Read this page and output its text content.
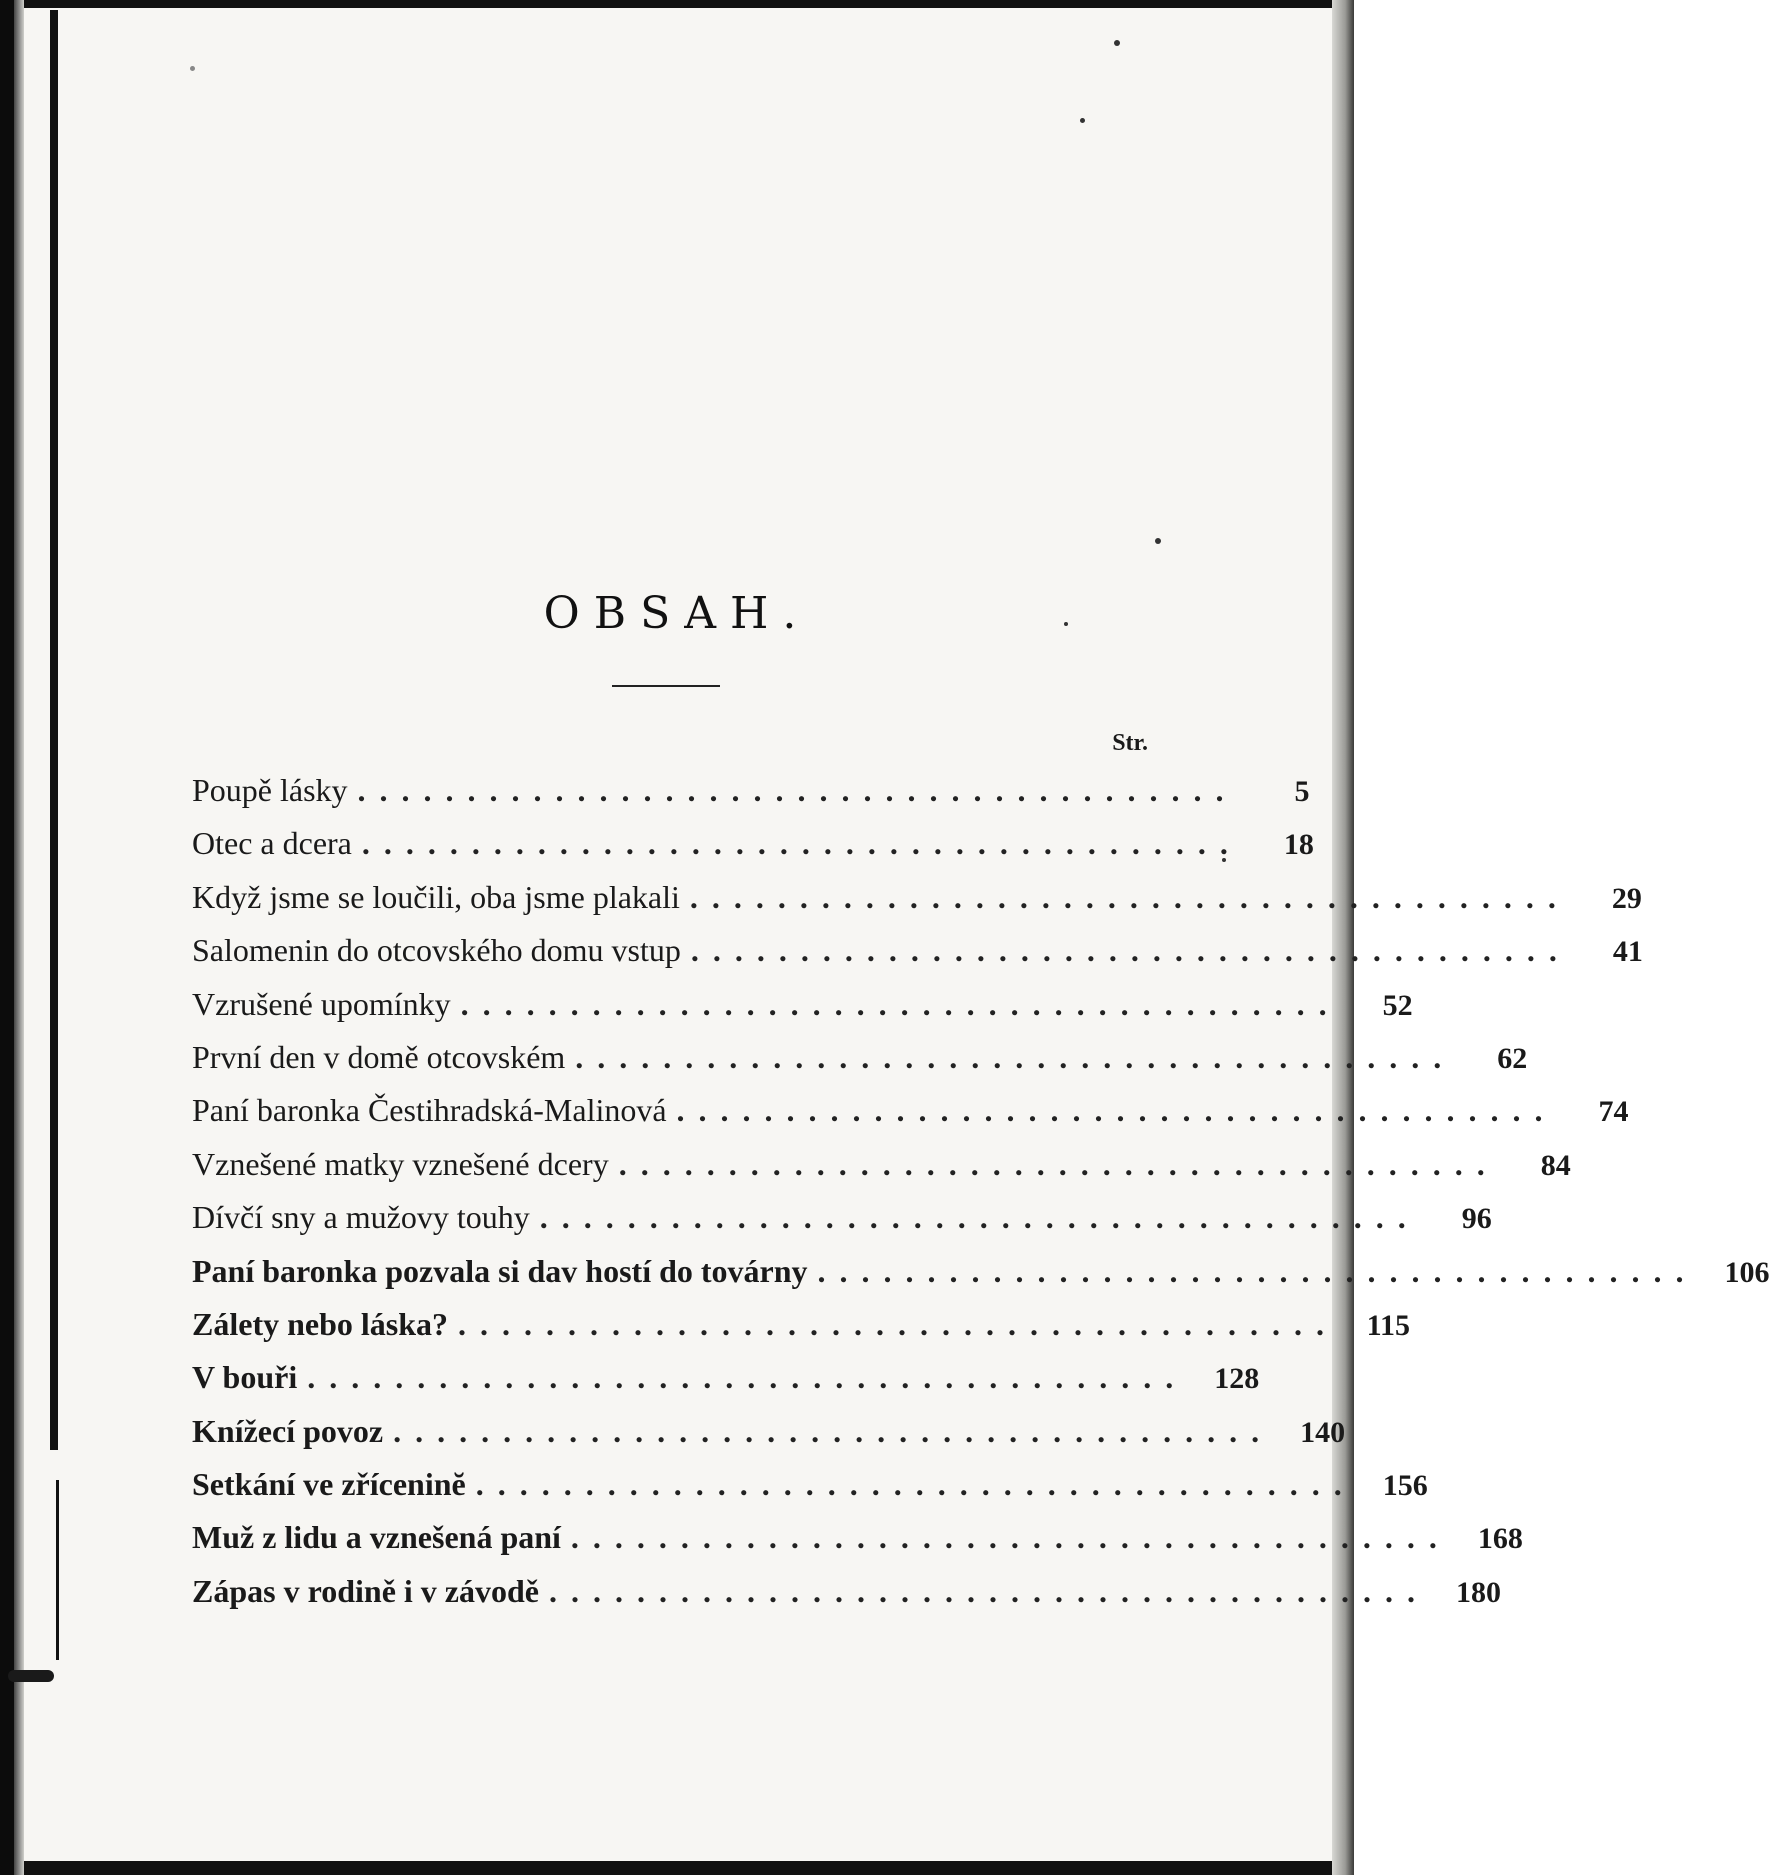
OBSAH.
Str.
Poupě lásky ........................................	5
Otec a dcera ........................................	18
Když jsme se loučili, oba jsme plakali ........................................	29
Salomenin do otcovského domu vstup ........................................	41
Vzrušené upomínky ........................................	52
První den v domě otcovském ........................................	62
Paní baronka Čestihradská-Malinová ........................................	74
Vznešené matky vznešené dcery ........................................	84
Dívčí sny a mužovy touhy ........................................	96
Paní baronka pozvala si dav hostí do továrny ........................................ 106
Zálety nebo láska? ........................................ 115
V bouři ........................................ 128
Knížecí povoz ........................................ 140
Setkání ve zříceninĕ ........................................ 156
Muž z lidu a vznešená paní ........................................ 168
Zápas v rodině i v závodě ........................................ 180
